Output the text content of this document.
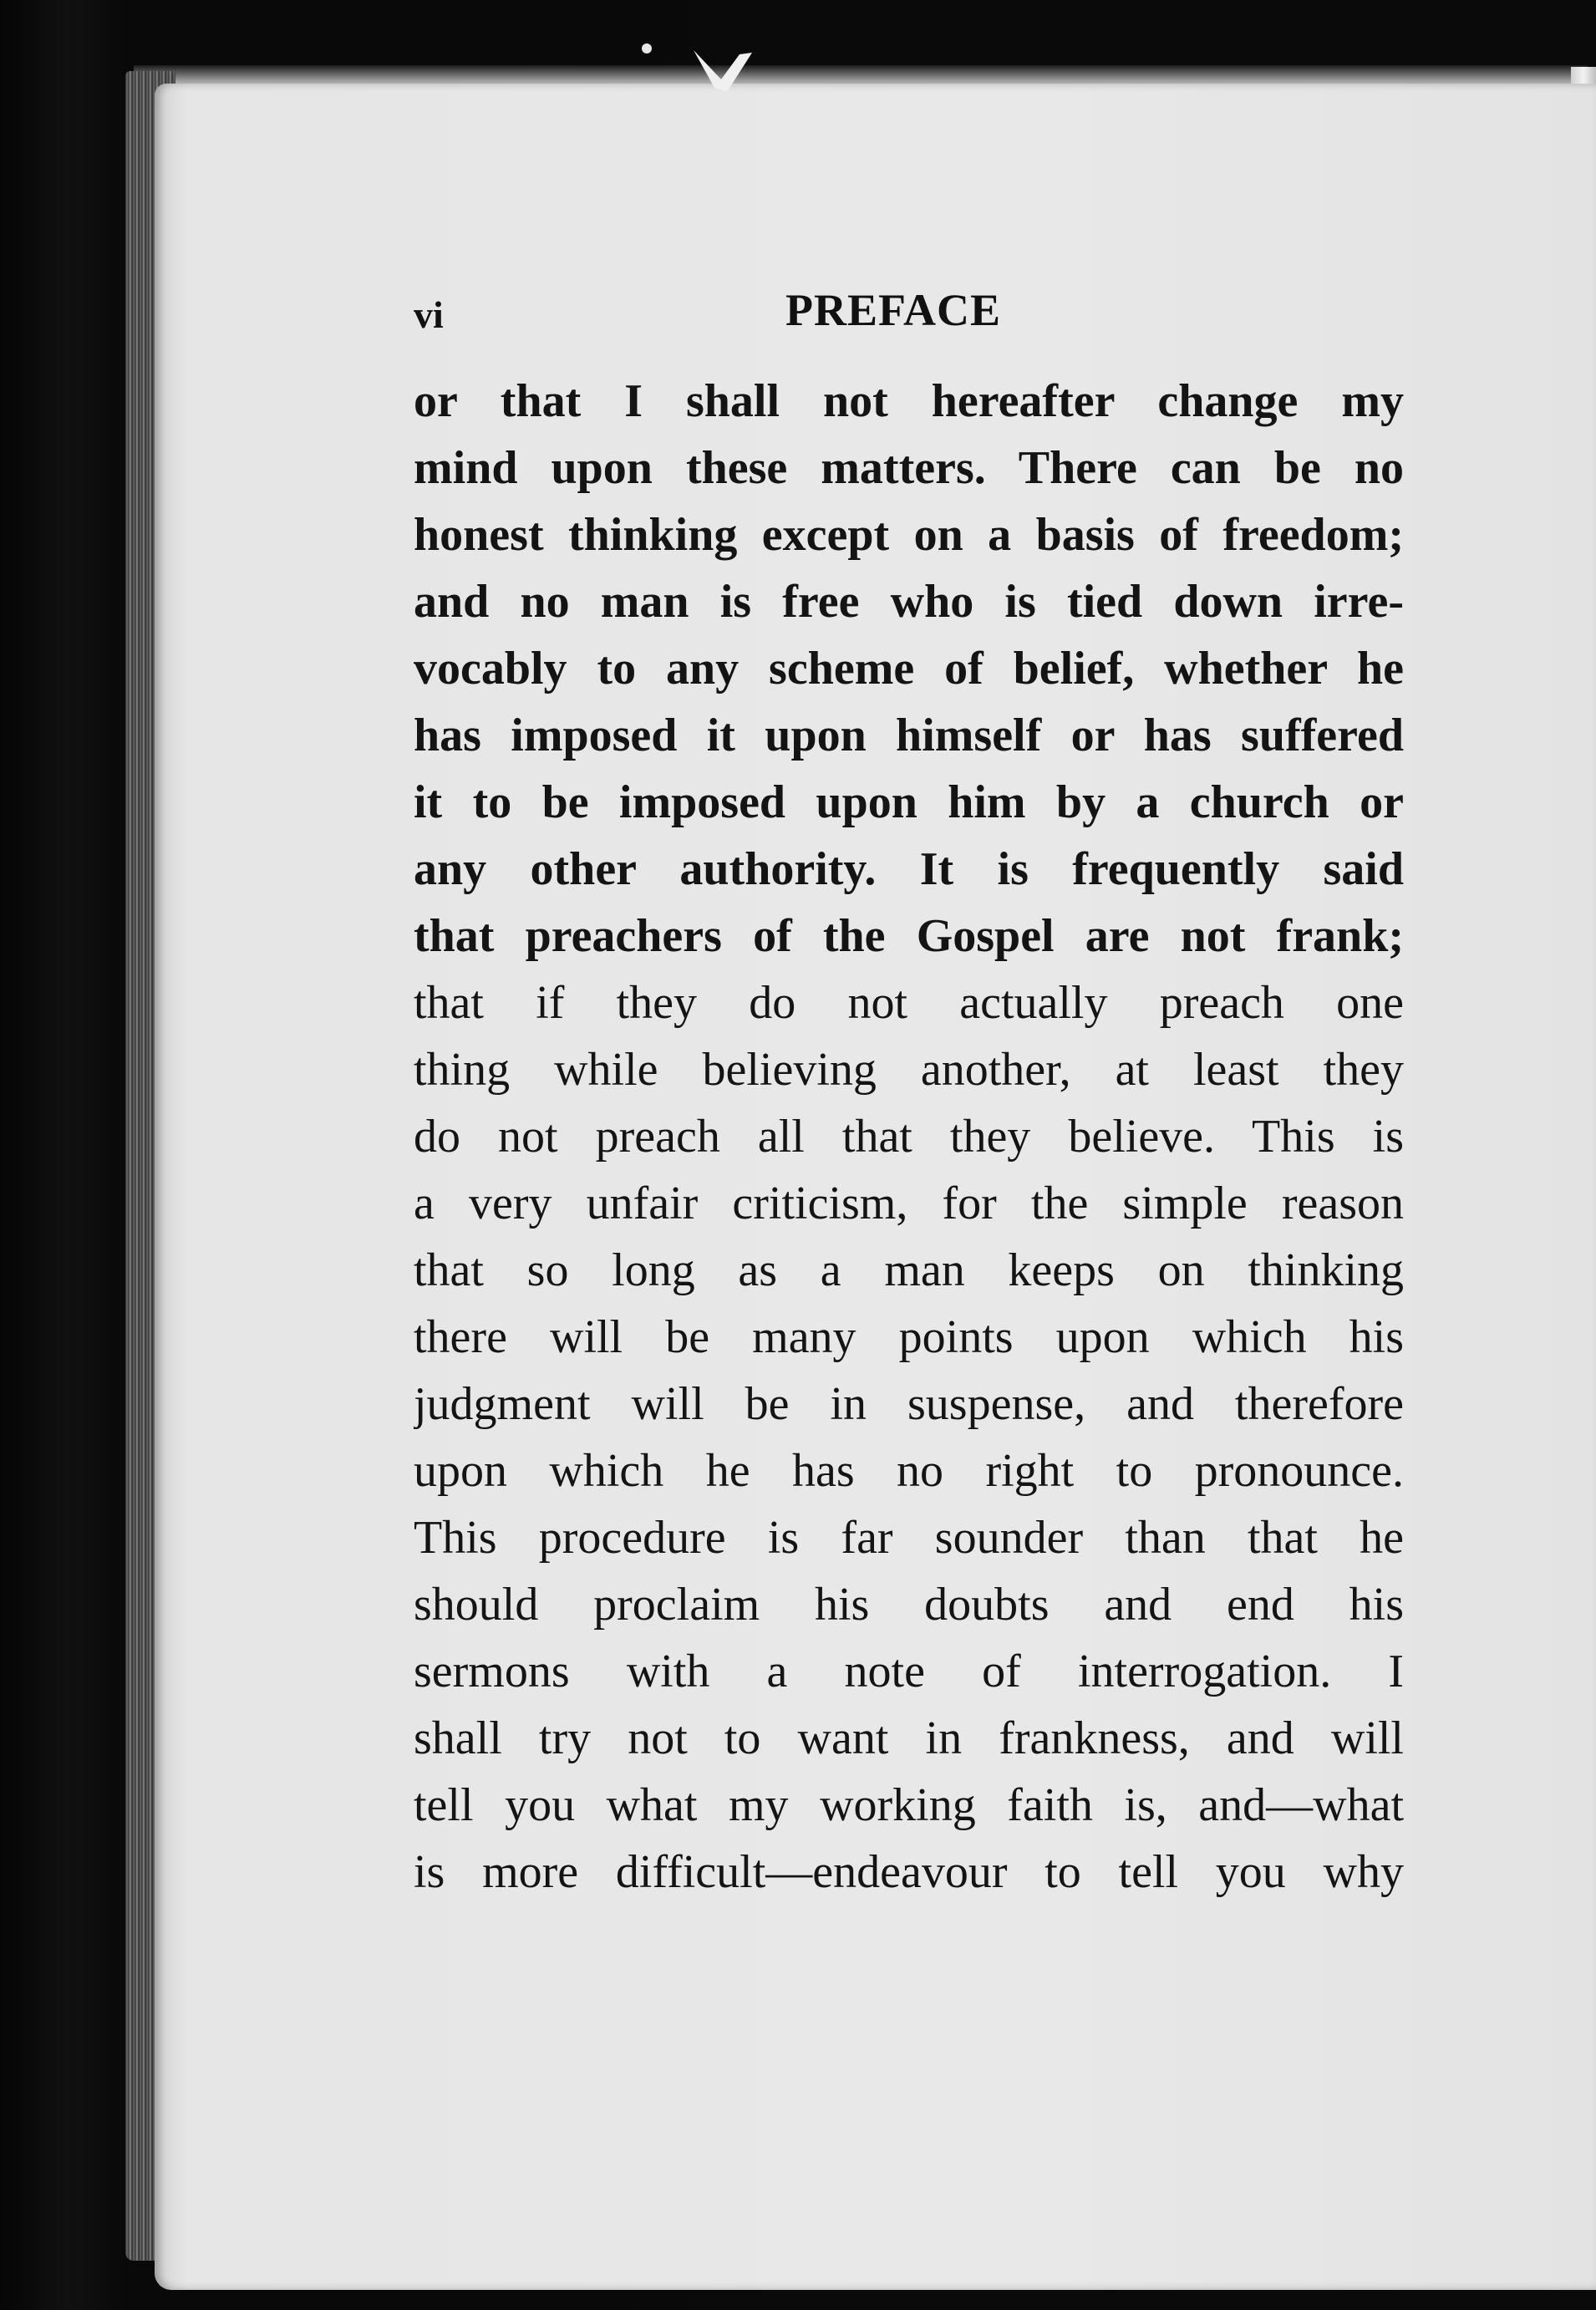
vi	PREFACE
or that I shall not hereafter change my
mind upon these matters. There can be no
honest thinking except on a basis of freedom;
and no man is free who is tied down irre-
vocably to any scheme of belief, whether he
has imposed it upon himself or has suffered
it to be imposed upon him by a church or
any other authority. It is frequently said
that preachers of the Gospel are not frank;
that if they do not actually preach one
thing while believing another, at least they
do not preach all that they believe. This is
a very unfair criticism, for the simple reason
that so long as a man keeps on thinking
there will be many points upon which his
judgment will be in suspense, and therefore
upon which he has no right to pronounce.
This procedure is far sounder than that he
should proclaim his doubts and end his
sermons with a note of interrogation. I
shall try not to want in frankness, and will
tell you what my working faith is, and—what
is more difficult—endeavour to tell you why
